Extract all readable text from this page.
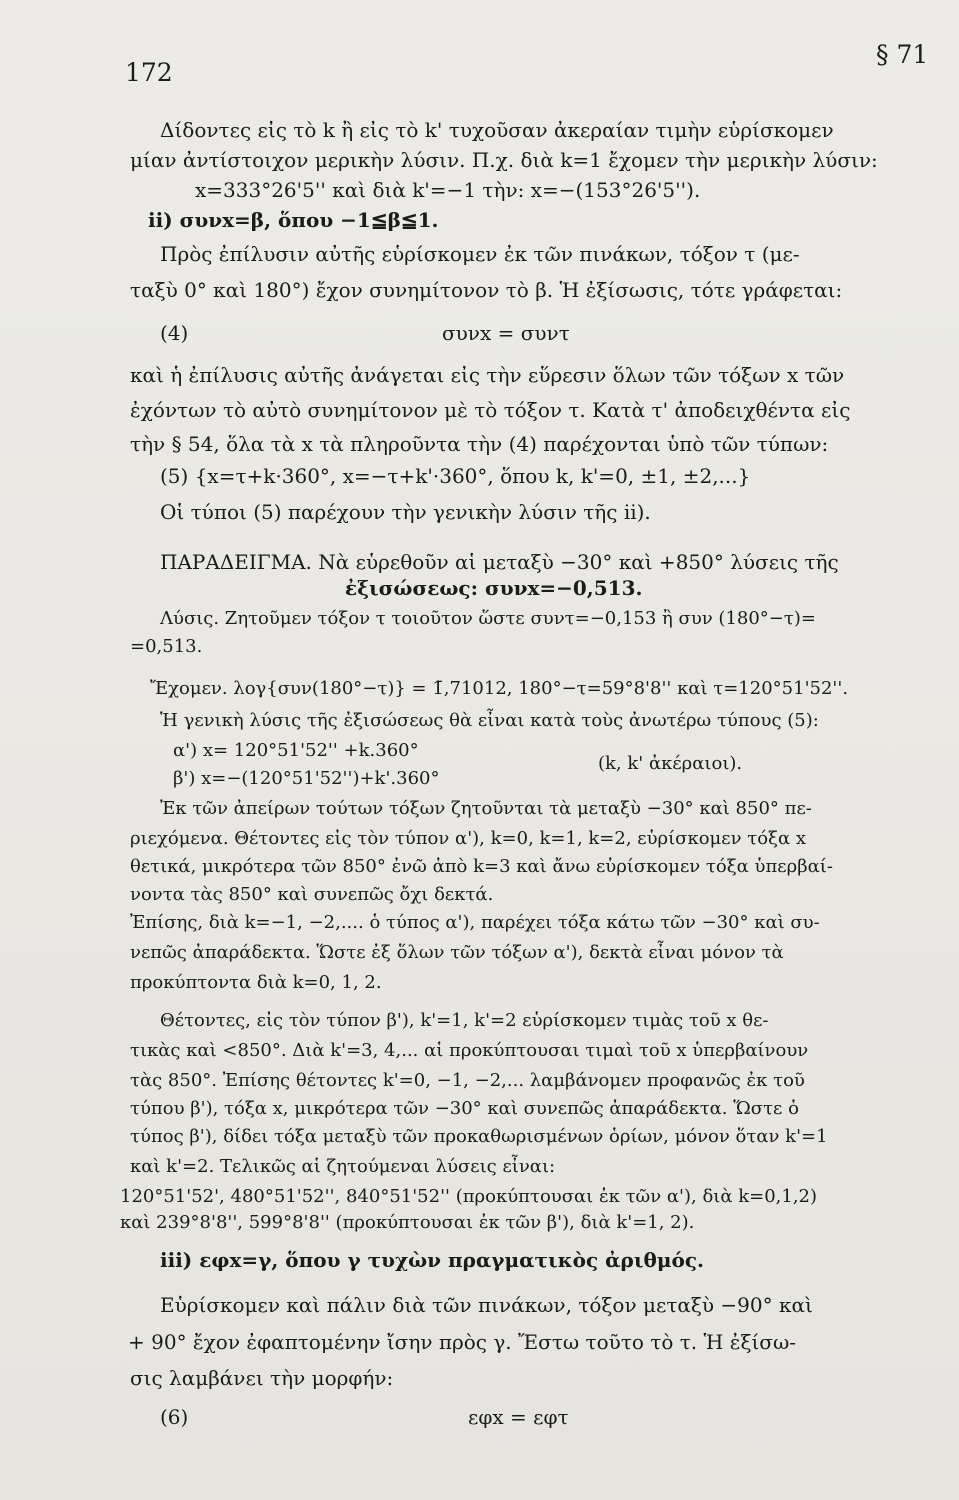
172
§ 71
Δίδοντες εἰς τὸ k ἢ εἰς τὸ k' τυχοῦσαν ἀκεραίαν τιμὴν εὑρίσκομεν
μίαν ἀντίστοιχον μερικὴν λύσιν. Π.χ. διὰ k=1 ἔχομεν τὴν μερικὴν λύσιν:
x=333°26'5'' καὶ διὰ k'=−1 τὴν: x=−(153°26'5'').
ii) συνx=β, ὅπου −1≦β≦1.
Πρὸς ἐπίλυσιν αὐτῆς εὑρίσκομεν ἐκ τῶν πινάκων, τόξον τ (με-
ταξὺ 0° καὶ 180°) ἔχον συνημίτονον τὸ β. Ἡ ἐξίσωσις, τότε γράφεται:
(4)	συνx = συντ
καὶ ἡ ἐπίλυσις αὐτῆς ἀνάγεται εἰς τὴν εὕρεσιν ὅλων τῶν τόξων x τῶν
ἐχόντων τὸ αὐτὸ συνημίτονον μὲ τὸ τόξον τ. Κατὰ τ' ἀποδειχθέντα εἰς
τὴν § 54, ὅλα τὰ x τὰ πληροῦντα τὴν (4) παρέχονται ὑπὸ τῶν τύπων:
(5) {x=τ+k·360°, x=−τ+k'·360°, ὅπου k, k'=0, ±1, ±2,...}
Οἱ τύποι (5) παρέχουν τὴν γενικὴν λύσιν τῆς ii).
ΠΑΡΑΔΕΙΓΜΑ. Νὰ εὑρεθοῦν αἱ μεταξὺ −30° καὶ +850° λύσεις τῆς
ἐξισώσεως: συνx=−0,513.
Λύσις. Ζητοῦμεν τόξον τ τοιοῦτον ὥστε συντ=−0,153 ἢ συν (180°−τ)=
=0,513.
Ἔχομεν. λογ{συν(180°−τ)} = 1̄,71012, 180°−τ=59°8'8'' καὶ τ=120°51'52''.
Ἡ γενικὴ λύσις τῆς ἐξισώσεως θὰ εἶναι κατὰ τοὺς ἀνωτέρω τύπους (5):
α') x= 120°51'52'' +k.360°
(k, k' ἀκέραιοι).
β') x=−(120°51'52'')+k'.360°
Ἐκ τῶν ἀπείρων τούτων τόξων ζητοῦνται τὰ μεταξὺ −30° καὶ 850° πε-
ριεχόμενα. Θέτοντες εἰς τὸν τύπον α'), k=0, k=1, k=2, εὑρίσκομεν τόξα x
θετικά, μικρότερα τῶν 850° ἐνῶ ἀπὸ k=3 καὶ ἄνω εὑρίσκομεν τόξα ὑπερβαί-
νοντα τὰς 850° καὶ συνεπῶς ὄχι δεκτά.
Ἐπίσης, διὰ k=−1, −2,.... ὁ τύπος α'), παρέχει τόξα κάτω τῶν −30° καὶ συ-
νεπῶς ἀπαράδεκτα. Ὥστε ἐξ ὅλων τῶν τόξων α'), δεκτὰ εἶναι μόνον τὰ
προκύπτοντα διὰ k=0, 1, 2.
Θέτοντες, εἰς τὸν τύπον β'), k'=1, k'=2 εὑρίσκομεν τιμὰς τοῦ x θε-
τικὰς καὶ <850°. Διὰ k'=3, 4,... αἱ προκύπτουσαι τιμαὶ τοῦ x ὑπερβαίνουν
τὰς 850°. Ἐπίσης θέτοντες k'=0, −1, −2,... λαμβάνομεν προφανῶς ἐκ τοῦ
τύπου β'), τόξα x, μικρότερα τῶν −30° καὶ συνεπῶς ἀπαράδεκτα. Ὥστε ὁ
τύπος β'), δίδει τόξα μεταξὺ τῶν προκαθωρισμένων ὁρίων, μόνον ὅταν k'=1
καὶ k'=2. Τελικῶς αἱ ζητούμεναι λύσεις εἶναι:
120°51'52', 480°51'52'', 840°51'52'' (προκύπτουσαι ἐκ τῶν α'), διὰ k=0,1,2)
καὶ 239°8'8'', 599°8'8'' (προκύπτουσαι ἐκ τῶν β'), διὰ k'=1, 2).
iii) εφx=γ, ὅπου γ τυχὼν πραγματικὸς ἀριθμός.
Εὑρίσκομεν καὶ πάλιν διὰ τῶν πινάκων, τόξον μεταξὺ −90° καὶ
+ 90° ἔχον ἐφαπτομένην ἴσην πρὸς γ. Ἔστω τοῦτο τὸ τ. Ἡ ἐξίσω-
σις λαμβάνει τὴν μορφήν:
(6)	εφx = εφτ
